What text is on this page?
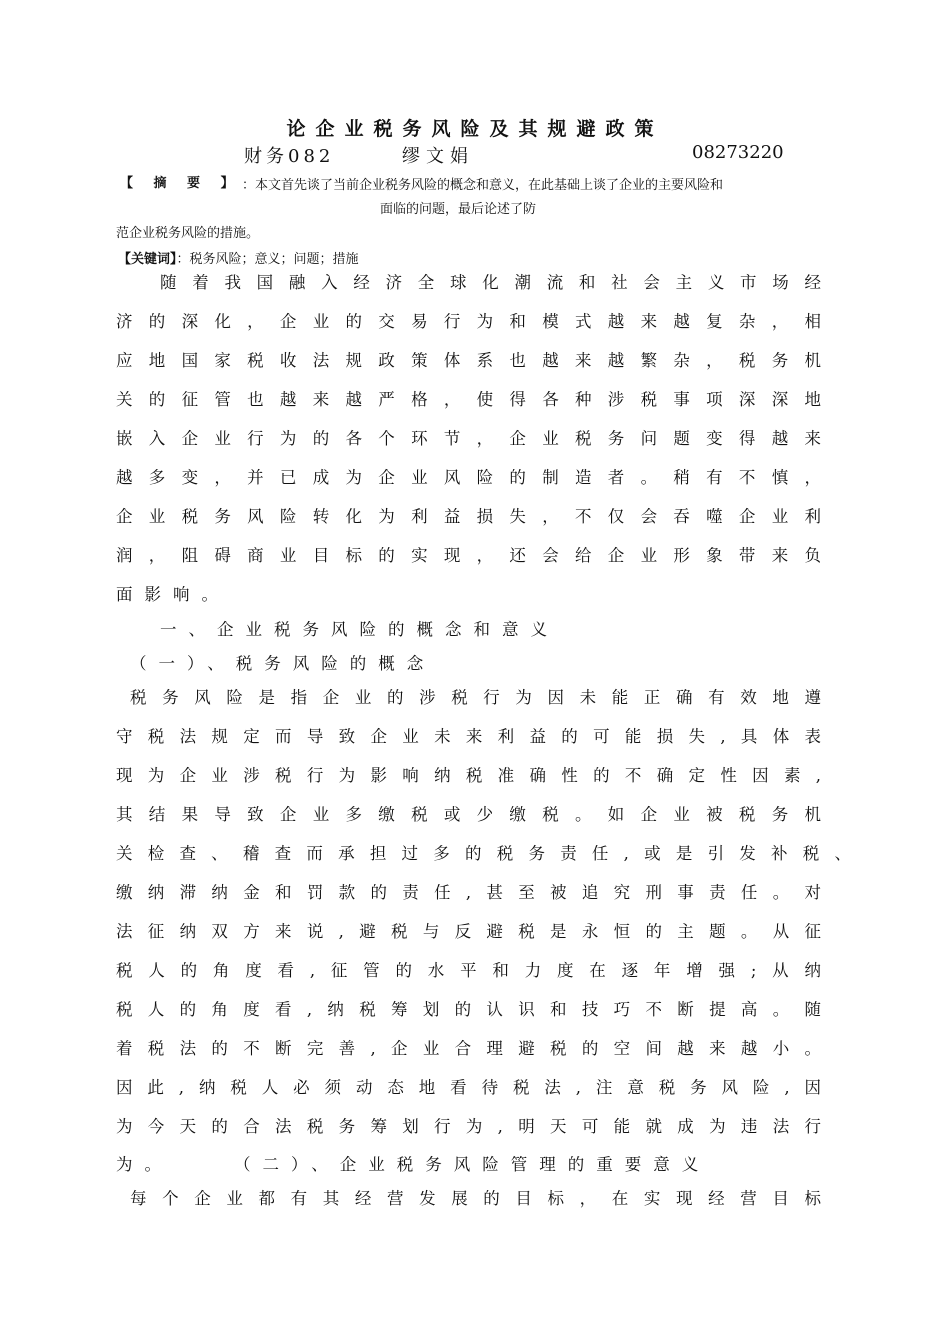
论企业税务风险及其规避政策
财务082	缪文娟	08273220
【 摘 要 】 ：本文首先谈了当前企业税务风险的概念和意义，在此基础上谈了企业的主要风险和
面临的问题，最后论述了防
范企业税务风险的措施。
【关键词】：税务风险；意义；问题；措施
随着我国融入经济全球化潮流和社会主义市场经
济的深化，企业的交易行为和模式越来越复杂，相
应地国家税收法规政策体系也越来越繁杂，税务机
关的征管也越来越严格，使得各种涉税事项深深地
嵌入企业行为的各个环节，企业税务问题变得越来
越多变，并已成为企业风险的制造者。稍有不慎，
企业税务风险转化为利益损失，不仅会吞噬企业利
润，阻碍商业目标的实现，还会给企业形象带来负
面影响。
一、企业税务风险的概念和意义
（一）、税务风险的概念
税务风险是指企业的涉税行为因未能正确有效地遵
守税法规定而导致企业未来利益的可能损失,具体表
现为企业涉税行为影响纳税准确性的不确定性因素,
其结果导致企业多缴税或少缴税。如企业被税务机
关检查、稽查而承担过多的税务责任,或是引发补税、
缴纳滞纳金和罚款的责任,甚至被追究刑事责任。对
法征纳双方来说,避税与反避税是永恒的主题。从征
税人的角度看,征管的水平和力度在逐年增强;从纳
税人的角度看,纳税筹划的认识和技巧不断提高。随
着税法的不断完善,企业合理避税的空间越来越小。
因此,纳税人必须动态地看待税法,注意税务风险,因
为今天的合法税务筹划行为,明天可能就成为违法行
为。	（二）、企业税务风险管理的重要意义
每个企业都有其经营发展的目标，在实现经营目标
